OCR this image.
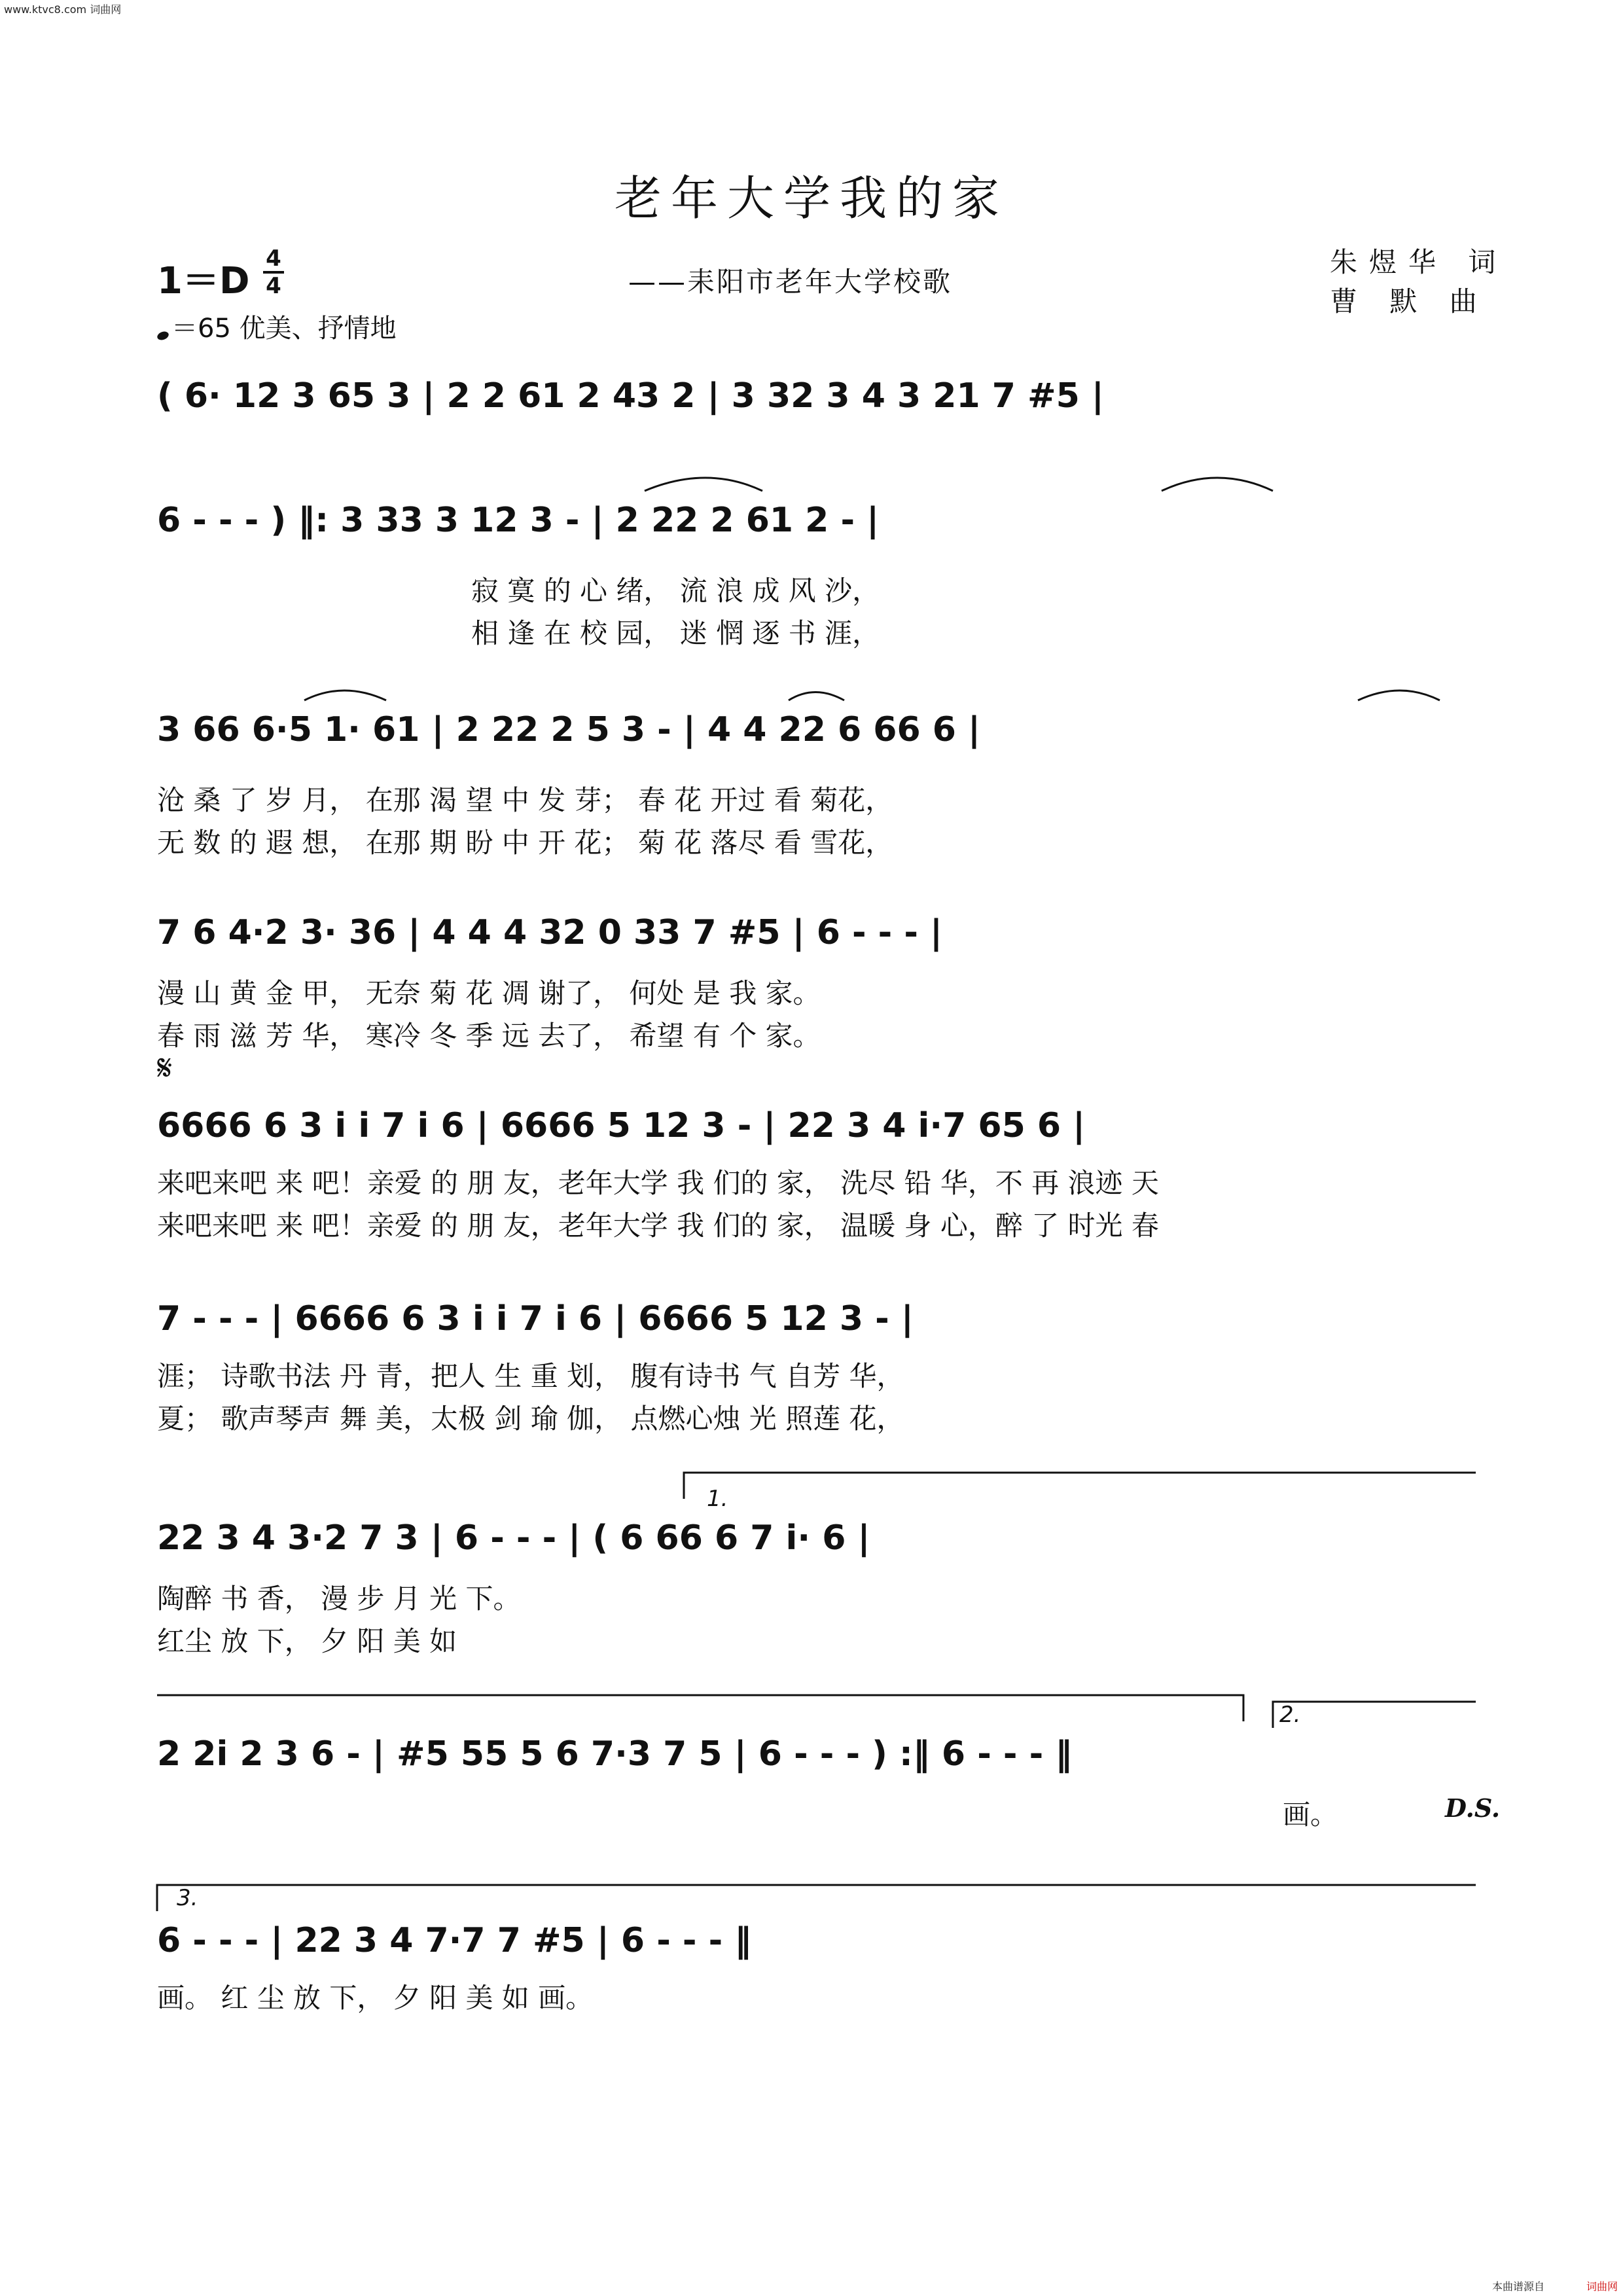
www.ktvc8.com 词曲网
老年大学我的家
——耒阳市老年大学校歌
朱煜华 词
曹 默 曲
1＝D
4
4
＝65 优美、抒情地
( 6· 12 3 65 3 | 2 2 61 2 43 2 | 3 32 3 4 3 21 7 #5 |
6 - - - ) ‖: 3 33 3 12 3 - | 2 22 2 61 2 - |
寂 寞 的 心 绪， 流 浪 成 风 沙，
相 逢 在 校 园， 迷 惘 逐 书 涯，
3 66 6·5 1· 61 | 2 22 2 5 3 - | 4 4 22 6 66 6 |
沧 桑 了 岁 月， 在那 渴 望 中 发 芽； 春 花 开过 看 菊花，
无 数 的 遐 想， 在那 期 盼 中 开 花； 菊 花 落尽 看 雪花，
7 6 4·2 3· 36 | 4 4 4 32 0 33 7 #5 | 6 - - - |
漫 山 黄 金 甲， 无奈 菊 花 凋 谢了， 何处 是 我 家。
春 雨 滋 芳 华， 寒冷 冬 季 远 去了， 希望 有 个 家。
𝄋
6666 6 3 i i 7 i 6 | 6666 5 12 3 - | 22 3 4 i·7 65 6 |
来吧来吧 来 吧！亲爱 的 朋 友，老年大学 我 们的 家， 洗尽 铅 华，不 再 浪迹 天
来吧来吧 来 吧！亲爱 的 朋 友，老年大学 我 们的 家， 温暖 身 心，醉 了 时光 春
7 - - - | 6666 6 3 i i 7 i 6 | 6666 5 12 3 - |
涯； 诗歌书法 丹 青，把人 生 重 划， 腹有诗书 气 自芳 华，
夏； 歌声琴声 舞 美，太极 剑 瑜 伽， 点燃心烛 光 照莲 花，
1.
22 3 4 3·2 7 3 | 6 - - - | ( 6 66 6 7 i· 6 |
陶醉 书 香， 漫 步 月 光 下。
红尘 放 下， 夕 阳 美 如
2.
2 2i 2 3 6 - | #5 55 5 6 7·3 7 5 | 6 - - - ) :‖ 6 - - - ‖
画。	D.S.
3.
6 - - - | 22 3 4 7·7 7 #5 | 6 - - - ‖
画。 红 尘 放 下， 夕 阳 美 如 画。
本曲谱源自	词曲网
